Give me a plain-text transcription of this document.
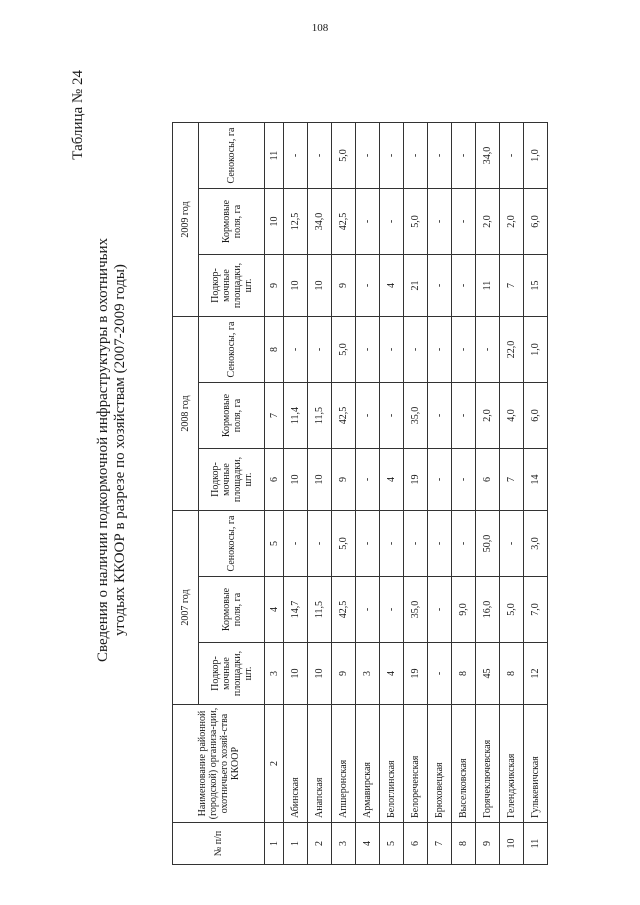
108
Таблица № 24
Сведения о наличии подкормочной инфраструктуры в охотничьих угодьях ККООР в разрезе по хозяйствам (2007-2009 годы)
№ п/п	Наименование районной (городской) организа-ции, охотничьего хозяй-ства ККООР	2007 год			2008 год			2009 год		
		Подкор-мочные площадки, шт.	Кормовые поля, га	Сенокосы, га	Подкор-мочные площадки, шт.	Кормовые поля, га	Сенокосы, га	Подкор-мочные площадки, шт.	Кормовые поля, га	Сенокосы, га
1	2	3	4	5	6	7	8	9	10	11
1	Абинская	10	14,7	-	10	11,4	-	10	12,5	-
2	Анапская	10	11,5	-	10	11,5	-	10	34,0	-
3	Апшеронская	9	42,5	5,0	9	42,5	5,0	9	42,5	5,0
4	Армавирская	3	-	-	-	-	-	-	-	-
5	Белоглинская	4	-	-	4	-	-	4	-	-
6	Белореченская	19	35,0	-	19	35,0	-	21	5,0	-
7	Брюховецкая	-	-	-	-	-	-	-	-	-
8	Выселковская	8	9,0	-	-	-	-	-	-	-
9	Горячеключевская	45	16,0	50,0	6	2,0	-	11	2,0	34,0
10	Геленджикская	8	5,0	-	7	4,0	22,0	7	2,0	-
11	Гулькевичская	12	7,0	3,0	14	6,0	1,0	15	6,0	1,0
